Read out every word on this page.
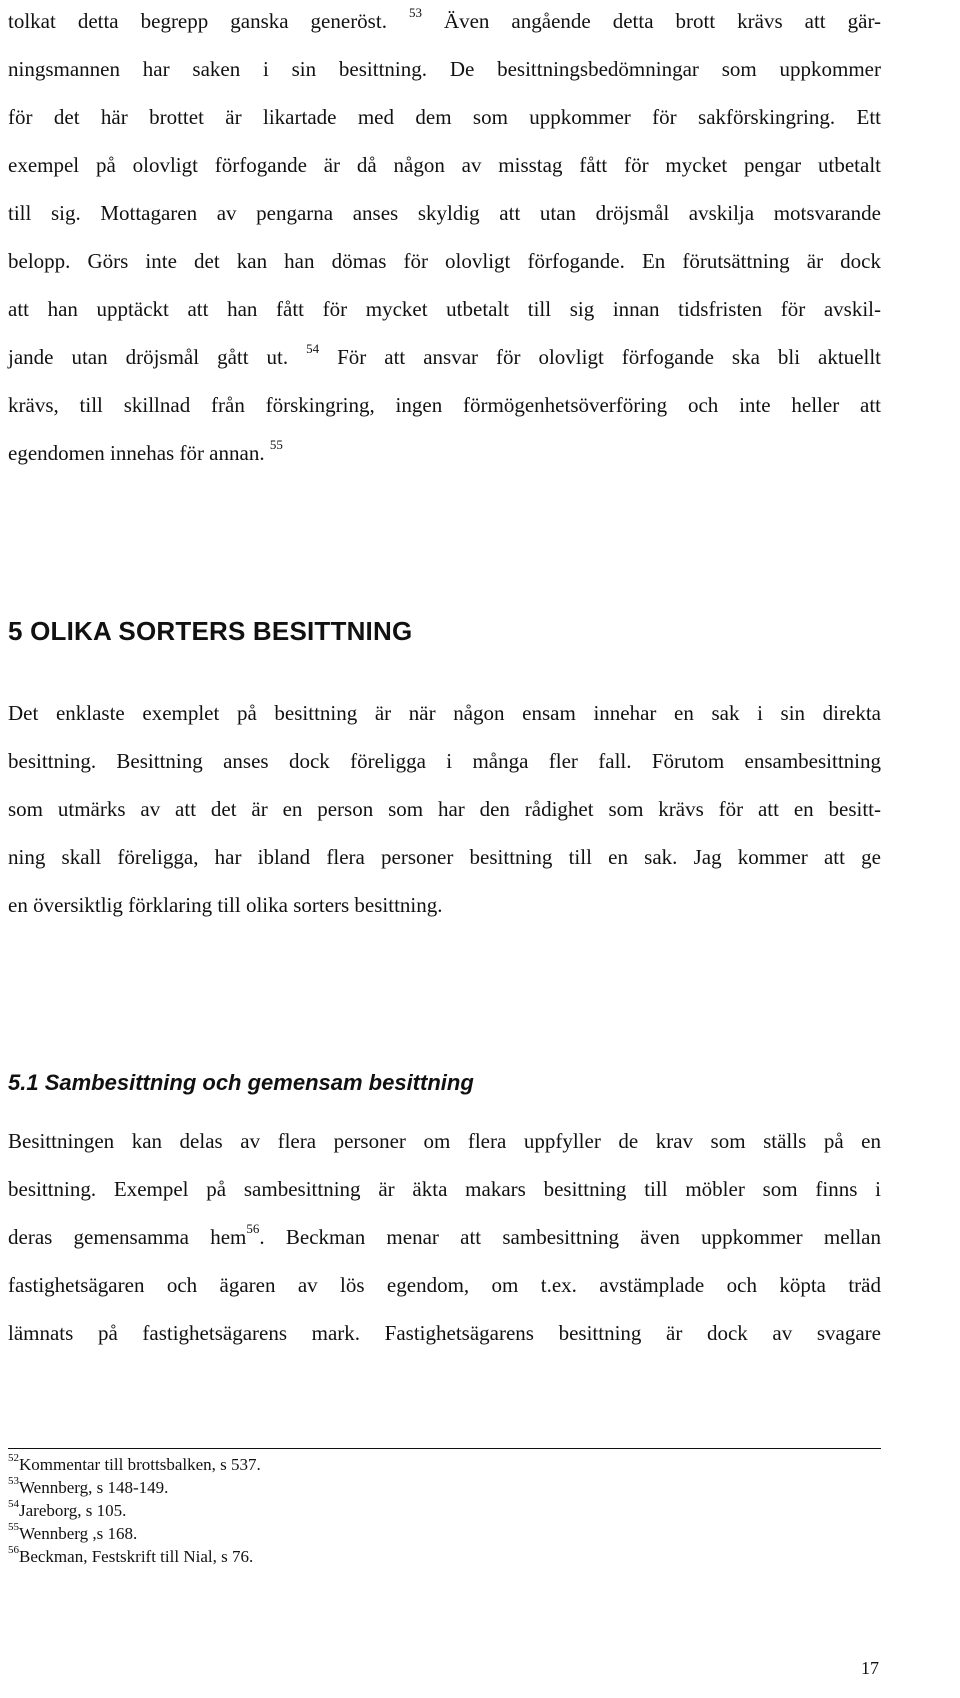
tolkat detta begrepp ganska generöst. $^{53}$ Även angående detta brott krävs att gär-
ningsmannen har saken i sin besittning. De besittningsbedömningar som uppkommer
för det här brottet är likartade med dem som uppkommer för sakförskingring. Ett
exempel på olovligt förfogande är då någon av misstag fått för mycket pengar utbetalt
till sig. Mottagaren av pengarna anses skyldig att utan dröjsmål avskilja motsvarande
belopp. Görs inte det kan han dömas för olovligt förfogande. En förutsättning är dock
att han upptäckt att han fått för mycket utbetalt till sig innan tidsfristen för avskil-
jande utan dröjsmål gått ut. $^{54}$ För att ansvar för olovligt förfogande ska bli aktuellt
krävs, till skillnad från förskingring, ingen förmögenhetsöverföring och inte heller att
egendomen innehas för annan. $^{55}$
5 OLIKA SORTERS BESITTNING
Det enklaste exemplet på besittning är när någon ensam innehar en sak i sin direkta
besittning. Besittning anses dock föreligga i många fler fall. Förutom ensambesittning
som utmärks av att det är en person som har den rådighet som krävs för att en besitt-
ning skall föreligga, har ibland flera personer besittning till en sak. Jag kommer att ge
en översiktlig förklaring till olika sorters besittning.
5.1 Sambesittning och gemensam besittning
Besittningen kan delas av flera personer om flera uppfyller de krav som ställs på en
besittning. Exempel på sambesittning är äkta makars besittning till möbler som finns i
deras gemensamma hem$^{56}$. Beckman menar att sambesittning även uppkommer mellan
fastighetsägaren och ägaren av lös egendom, om t.ex. avstämplade och köpta träd
lämnats på fastighetsägarens mark. Fastighetsägarens besittning är dock av svagare
$^{52}$Kommentar till brottsbalken, s 537.
$^{53}$Wennberg, s 148-149.
$^{54}$Jareborg, s 105.
$^{55}$Wennberg ,s 168.
$^{56}$Beckman, Festskrift till Nial, s 76.
17
